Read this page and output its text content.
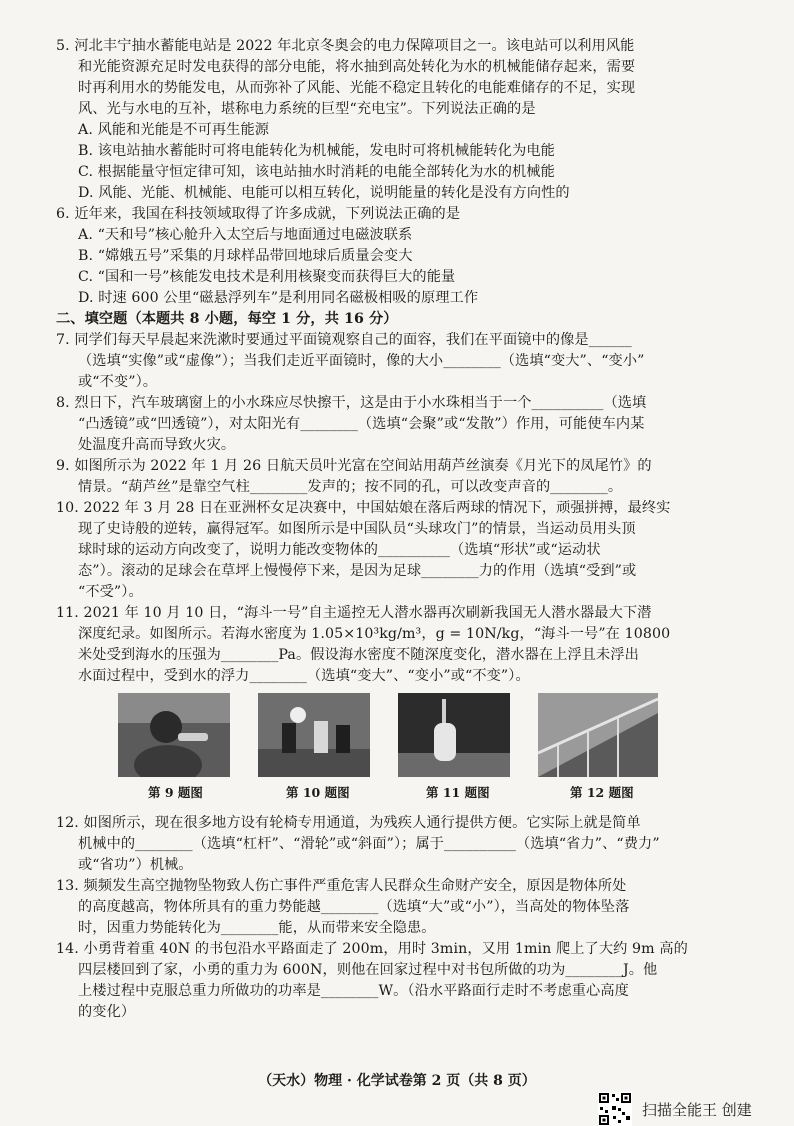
5. 河北丰宁抽水蓄能电站是 2022 年北京冬奥会的电力保障项目之一。该电站可以利用风能
和光能资源充足时发电获得的部分电能，将水抽到高处转化为水的机械能储存起来，需要
时再利用水的势能发电，从而弥补了风能、光能不稳定且转化的电能难储存的不足，实现
风、光与水电的互补，堪称电力系统的巨型“充电宝”。下列说法正确的是
A. 风能和光能是不可再生能源
B. 该电站抽水蓄能时可将电能转化为机械能，发电时可将机械能转化为电能
C. 根据能量守恒定律可知，该电站抽水时消耗的电能全部转化为水的机械能
D. 风能、光能、机械能、电能可以相互转化，说明能量的转化是没有方向性的
6. 近年来，我国在科技领域取得了许多成就，下列说法正确的是
A. “天和号”核心舱升入太空后与地面通过电磁波联系
B. “嫦娥五号”采集的月球样品带回地球后质量会变大
C. “国和一号”核能发电技术是利用核聚变而获得巨大的能量
D. 时速 600 公里“磁悬浮列车”是利用同名磁极相吸的原理工作
二、填空题（本题共 8 小题，每空 1 分，共 16 分）
7. 同学们每天早晨起来洗漱时要通过平面镜观察自己的面容，我们在平面镜中的像是______
（选填“实像”或“虚像”）；当我们走近平面镜时，像的大小________（选填“变大”、“变小”
或“不变”）。
8. 烈日下，汽车玻璃窗上的小水珠应尽快擦干，这是由于小水珠相当于一个__________（选填
“凸透镜”或“凹透镜”），对太阳光有________（选填“会聚”或“发散”）作用，可能使车内某
处温度升高而导致火灾。
9. 如图所示为 2022 年 1 月 26 日航天员叶光富在空间站用葫芦丝演奏《月光下的凤尾竹》的
情景。“葫芦丝”是靠空气柱________发声的；按不同的孔，可以改变声音的________。
10. 2022 年 3 月 28 日在亚洲杯女足决赛中，中国姑娘在落后两球的情况下，顽强拼搏，最终实
现了史诗般的逆转，赢得冠军。如图所示是中国队员“头球攻门”的情景，当运动员用头顶
球时球的运动方向改变了，说明力能改变物体的__________（选填“形状”或“运动状
态”）。滚动的足球会在草坪上慢慢停下来，是因为足球________力的作用（选填“受到”或
“不受”）。
11. 2021 年 10 月 10 日，“海斗一号”自主遥控无人潜水器再次刷新我国无人潜水器最大下潜
深度纪录。如图所示。若海水密度为 1.05×10³kg/m³，g = 10N/kg，“海斗一号”在 10800
米处受到海水的压强为________Pa。假设海水密度不随深度变化，潜水器在上浮且未浮出
水面过程中，受到水的浮力________（选填“变大”、“变小”或“不变”）。
第 9 题图	第 10 题图	第 11 题图	第 12 题图
12. 如图所示，现在很多地方设有轮椅专用通道，为残疾人通行提供方便。它实际上就是简单
机械中的________（选填“杠杆”、“滑轮”或“斜面”）；属于__________（选填“省力”、“费力”
或“省功”）机械。
13. 频频发生高空抛物坠物致人伤亡事件严重危害人民群众生命财产安全，原因是物体所处
的高度越高，物体所具有的重力势能越________（选填“大”或“小”），当高处的物体坠落
时，因重力势能转化为________能，从而带来安全隐患。
14. 小勇背着重 40N 的书包沿水平路面走了 200m，用时 3min，又用 1min 爬上了大约 9m 高的
四层楼回到了家，小勇的重力为 600N，则他在回家过程中对书包所做的功为________J。他
上楼过程中克服总重力所做功的功率是________W。（沿水平路面行走时不考虑重心高度
的变化）
（天水）物理 · 化学试卷第 2 页（共 8 页）
扫描全能王 创建
